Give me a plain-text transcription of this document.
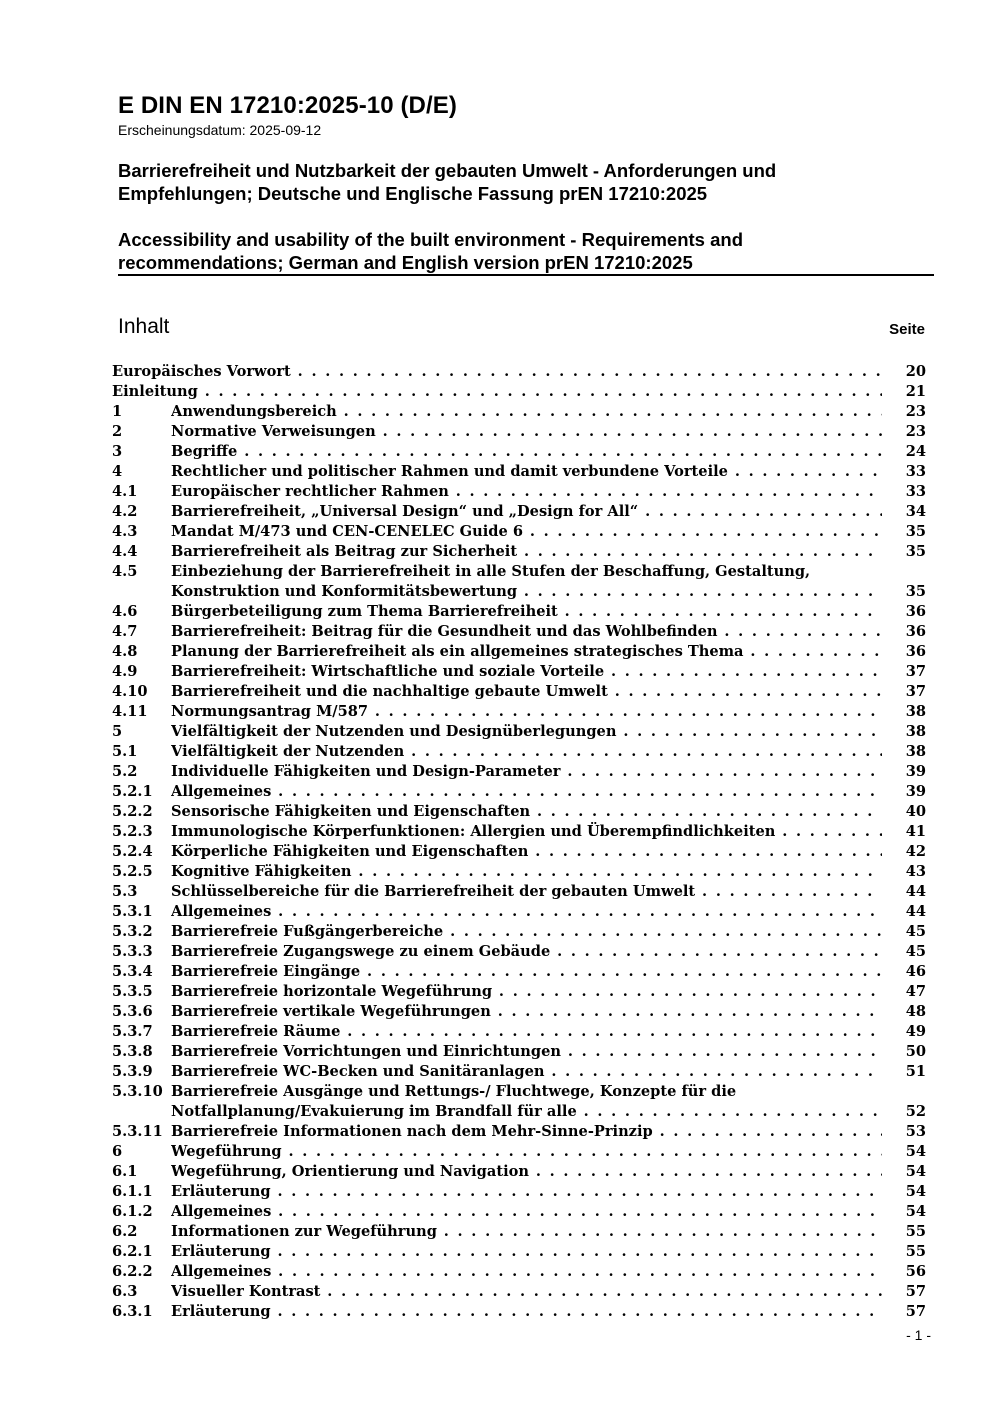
E DIN EN 17210:2025-10 (D/E)
Erscheinungsdatum: 2025-09-12
Barrierefreiheit und Nutzbarkeit der gebauten Umwelt - Anforderungen und
Empfehlungen; Deutsche und Englische Fassung prEN 17210:2025
Accessibility and usability of the built environment - Requirements and
recommendations; German and English version prEN 17210:2025
Inhalt	Seite
Europäisches Vorwort . . .	20
Einleitung . . .	21
1	Anwendungsbereich . . .	23
2	Normative Verweisungen . . .	23
3	Begriffe . . .	24
4	Rechtlicher und politischer Rahmen und damit verbundene Vorteile . . .	33
4.1 Europäischer rechtlicher Rahmen . . .	33
4.2 Barrierefreiheit, „Universal Design“ und „Design for All“ . . .	34
4.3 Mandat M/473 und CEN-CENELEC Guide 6 . . .	35
4.4 Barrierefreiheit als Beitrag zur Sicherheit . . .	35
4.5 Einbeziehung der Barrierefreiheit in alle Stufen der Beschaffung, Gestaltung,
Konstruktion und Konformitätsbewertung . . .	35
4.6 Bürgerbeteiligung zum Thema Barrierefreiheit . . .	36
4.7 Barrierefreiheit: Beitrag für die Gesundheit und das Wohlbefinden . . .	36
4.8 Planung der Barrierefreiheit als ein allgemeines strategisches Thema . . .	36
4.9 Barrierefreiheit: Wirtschaftliche und soziale Vorteile . . .	37
4.10 Barrierefreiheit und die nachhaltige gebaute Umwelt . . .	37
4.11 Normungsantrag M/587 . . .	38
5	Vielfältigkeit der Nutzenden und Designüberlegungen . . .	38
5.1 Vielfältigkeit der Nutzenden . . .	38
5.2 Individuelle Fähigkeiten und Design-Parameter . . .	39
5.2.1 Allgemeines . . .	39
5.2.2 Sensorische Fähigkeiten und Eigenschaften . . .	40
5.2.3 Immunologische Körperfunktionen: Allergien und Überempfindlichkeiten . . .	41
5.2.4 Körperliche Fähigkeiten und Eigenschaften . . .	42
5.2.5 Kognitive Fähigkeiten . . .	43
5.3 Schlüsselbereiche für die Barrierefreiheit der gebauten Umwelt . . .	44
5.3.1 Allgemeines . . .	44
5.3.2 Barrierefreie Fußgängerbereiche . . .	45
5.3.3 Barrierefreie Zugangswege zu einem Gebäude . . .	45
5.3.4 Barrierefreie Eingänge . . .	46
5.3.5 Barrierefreie horizontale Wegeführung . . .	47
5.3.6 Barrierefreie vertikale Wegeführungen . . .	48
5.3.7 Barrierefreie Räume . . .	49
5.3.8 Barrierefreie Vorrichtungen und Einrichtungen . . .	50
5.3.9 Barrierefreie WC-Becken und Sanitäranlagen . . .	51
5.3.10 Barrierefreie Ausgänge und Rettungs-/ Fluchtwege, Konzepte für die
Notfallplanung/Evakuierung im Brandfall für alle . . .	52
5.3.11 Barrierefreie Informationen nach dem Mehr-Sinne-Prinzip . . .	53
6	Wegeführung . . .	54
6.1 Wegeführung, Orientierung und Navigation . . .	54
6.1.1 Erläuterung . . .	54
6.1.2 Allgemeines . . .	54
6.2 Informationen zur Wegeführung . . .	55
6.2.1 Erläuterung . . .	55
6.2.2 Allgemeines . . .	56
6.3 Visueller Kontrast . . .	57
6.3.1 Erläuterung . . .	57
- 1 -
